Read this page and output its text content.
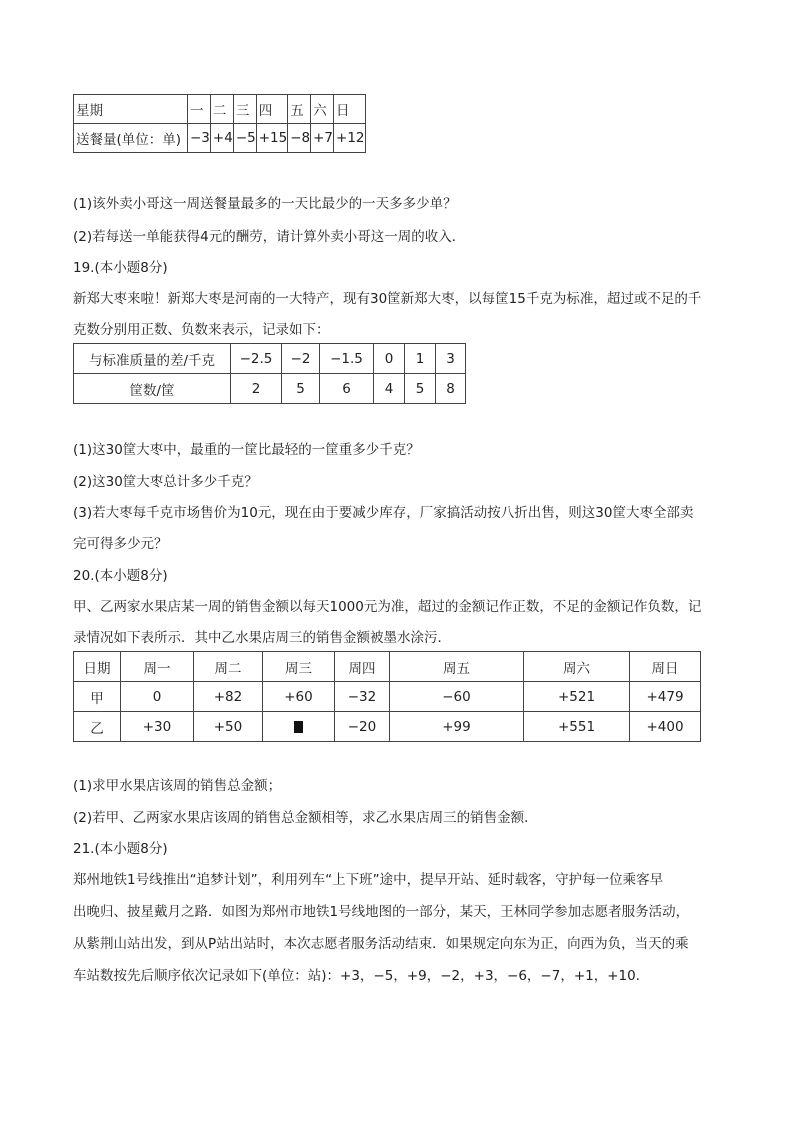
星期	一	二	三	四	五	六	日
送餐量(单位：单)	−3	+4	−5	+15	−8	+7	+12
(1)该外卖小哥这一周送餐量最多的一天比最少的一天多多少单？
(2)若每送一单能获得4元的酬劳，请计算外卖小哥这一周的收入．
19.(本小题8分)
新郑大枣来啦！新郑大枣是河南的一大特产，现有30筐新郑大枣，以每筐15千克为标准，超过或不足的千
克数分别用正数、负数来表示，记录如下：
与标准质量的差/千克	−2.5	−2	−1.5	0	1	3
筐数/筐	2	5	6	4	5	8
(1)这30筐大枣中，最重的一筐比最轻的一筐重多少千克？
(2)这30筐大枣总计多少千克？
(3)若大枣每千克市场售价为10元，现在由于要减少库存，厂家搞活动按八折出售，则这30筐大枣全部卖
完可得多少元？
20.(本小题8分)
甲、乙两家水果店某一周的销售金额以每天1000元为准，超过的金额记作正数，不足的金额记作负数，记
录情况如下表所示．其中乙水果店周三的销售金额被墨水涂污．
日期	周一	周二	周三	周四	周五	周六	周日
甲	0	+82	+60	−32	−60	+521	+479
乙	+30	+50		−20	+99	+551	+400
(1)求甲水果店该周的销售总金额；
(2)若甲、乙两家水果店该周的销售总金额相等，求乙水果店周三的销售金额．
21.(本小题8分)
郑州地铁1号线推出“追梦计划”，利用列车“上下班”途中，提早开站、延时载客，守护每一位乘客早
出晚归、披星戴月之路．如图为郑州市地铁1号线地图的一部分，某天，王林同学参加志愿者服务活动，
从紫荆山站出发，到从P站出站时，本次志愿者服务活动结束．如果规定向东为正，向西为负，当天的乘
车站数按先后顺序依次记录如下(单位：站)：+3，−5，+9，−2，+3，−6，−7，+1，+10．
